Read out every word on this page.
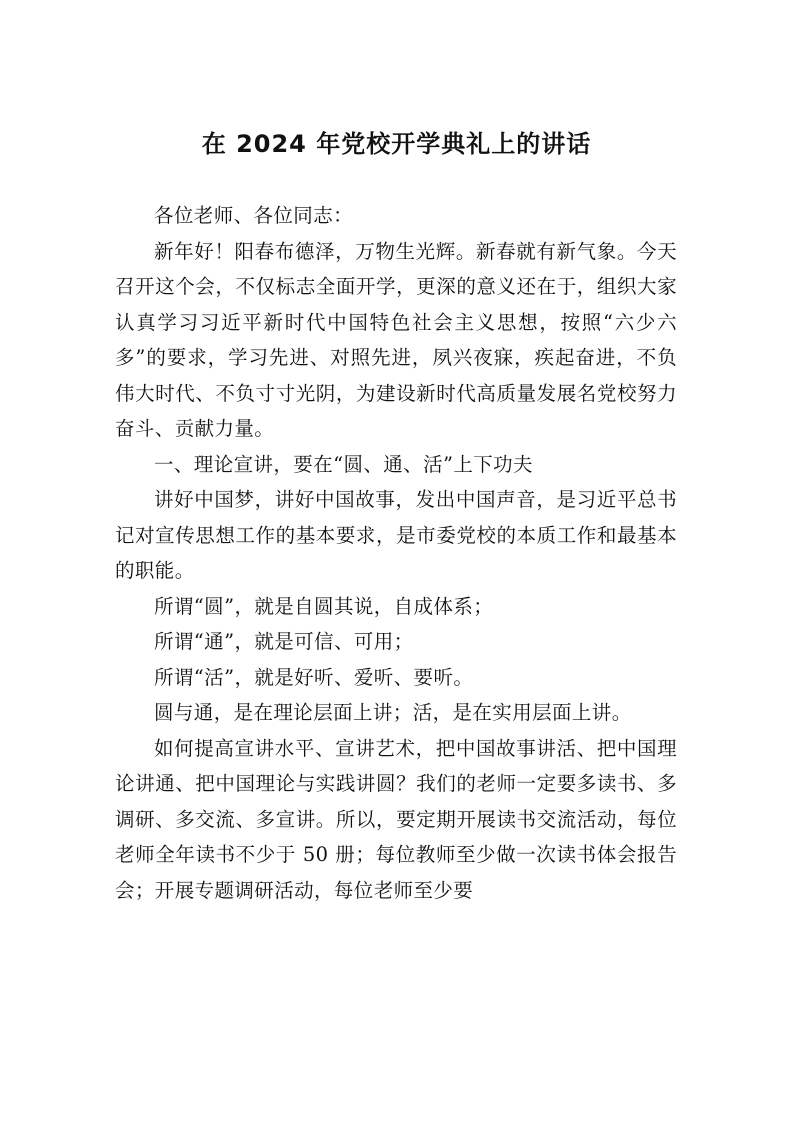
在 2024 年党校开学典礼上的讲话

各位老师、各位同志：

新年好！阳春布德泽，万物生光辉。新春就有新气象。今天召开这个会，不仅标志全面开学，更深的意义还在于，组织大家认真学习习近平新时代中国特色社会主义思想，按照“六少六多”的要求，学习先进、对照先进，夙兴夜寐，疾起奋进，不负伟大时代、不负寸寸光阴，为建设新时代高质量发展名党校努力奋斗、贡献力量。

一、理论宣讲，要在“圆、通、活”上下功夫

讲好中国梦，讲好中国故事，发出中国声音，是习近平总书记对宣传思想工作的基本要求，是市委党校的本质工作和最基本的职能。

所谓“圆”，就是自圆其说，自成体系；

所谓“通”，就是可信、可用；

所谓“活”，就是好听、爱听、要听。

圆与通，是在理论层面上讲；活，是在实用层面上讲。

如何提高宣讲水平、宣讲艺术，把中国故事讲活、把中国理论讲通、把中国理论与实践讲圆？我们的老师一定要多读书、多调研、多交流、多宣讲。所以，要定期开展读书交流活动，每位老师全年读书不少于 50 册；每位教师至少做一次读书体会报告会；开展专题调研活动，每位老师至少要
